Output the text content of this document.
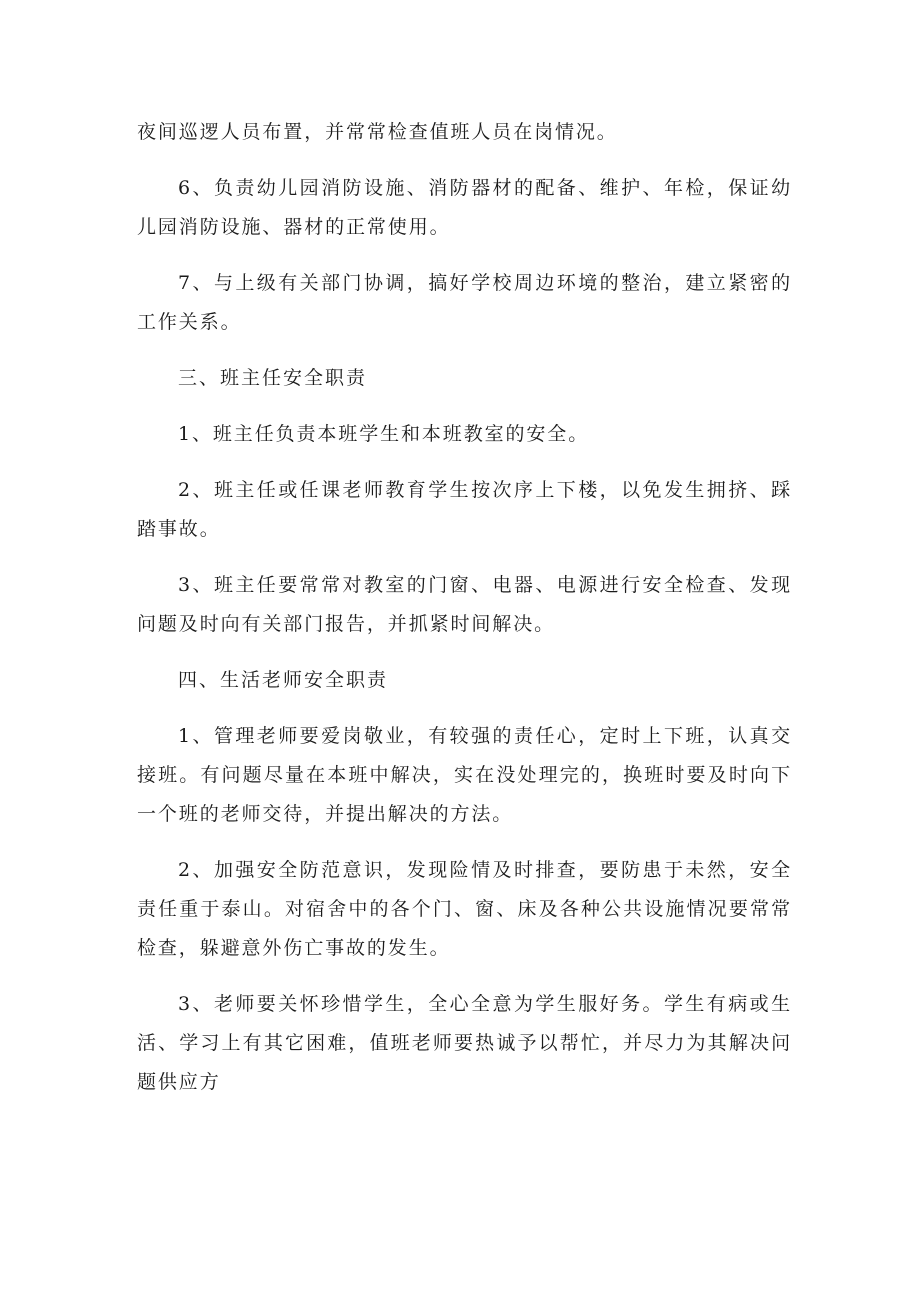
夜间巡逻人员布置，并常常检查值班人员在岗情况。

6、负责幼儿园消防设施、消防器材的配备、维护、年检，保证幼儿园消防设施、器材的正常使用。

7、与上级有关部门协调，搞好学校周边环境的整治，建立紧密的工作关系。

三、班主任安全职责

1、班主任负责本班学生和本班教室的安全。

2、班主任或任课老师教育学生按次序上下楼，以免发生拥挤、踩踏事故。

3、班主任要常常对教室的门窗、电器、电源进行安全检查、发现问题及时向有关部门报告，并抓紧时间解决。

四、生活老师安全职责

1、管理老师要爱岗敬业，有较强的责任心，定时上下班，认真交接班。有问题尽量在本班中解决，实在没处理完的，换班时要及时向下一个班的老师交待，并提出解决的方法。

2、加强安全防范意识，发现险情及时排查，要防患于未然，安全责任重于泰山。对宿舍中的各个门、窗、床及各种公共设施情况要常常检查，躲避意外伤亡事故的发生。

3、老师要关怀珍惜学生，全心全意为学生服好务。学生有病或生活、学习上有其它困难，值班老师要热诚予以帮忙，并尽力为其解决问题供应方
